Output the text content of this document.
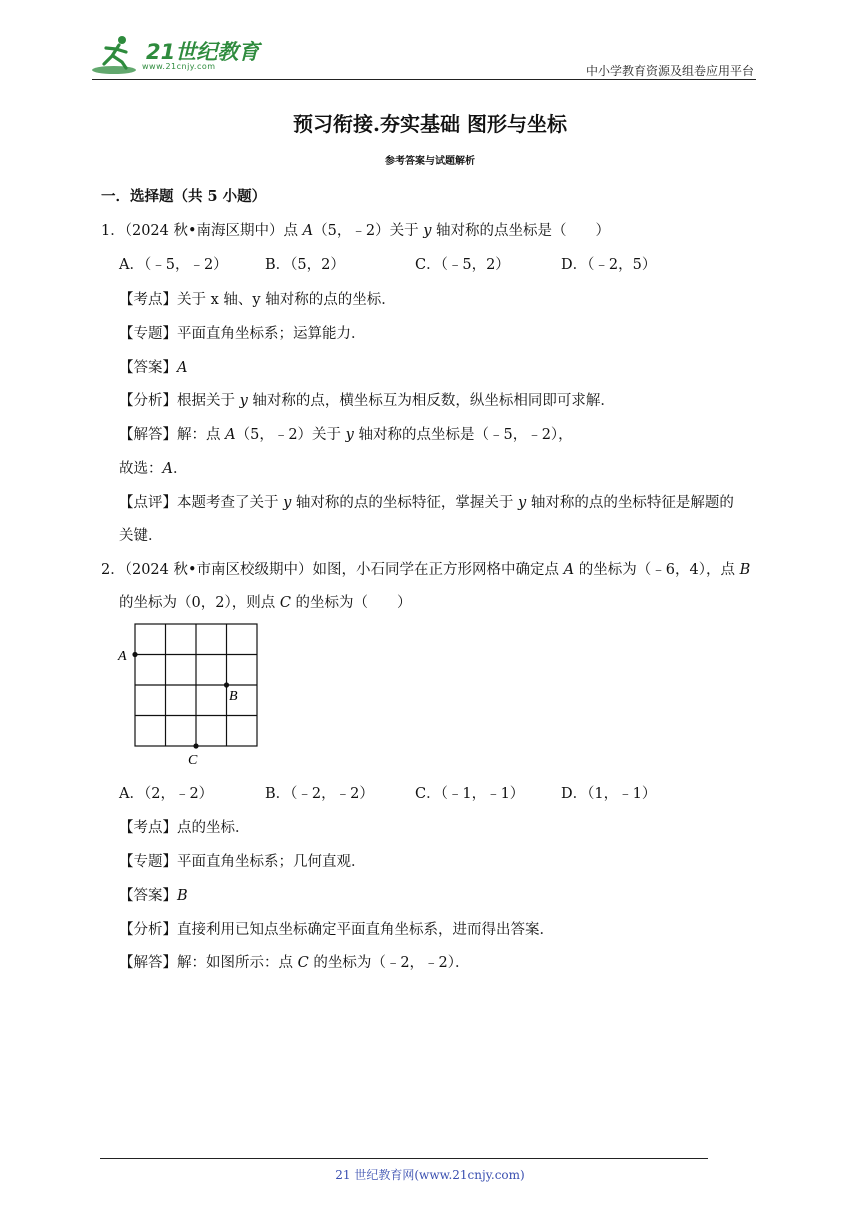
21世纪教育
www.21cnjy.com	中小学教育资源及组卷应用平台
预习衔接.夯实基础 图形与坐标
参考答案与试题解析
一．选择题（共 5 小题）
1．（2024 秋•南海区期中）点 A（5，﹣2）关于 y 轴对称的点坐标是（　　）
A．（﹣5，﹣2）	B．（5，2）	C．（﹣5，2）	D．（﹣2，5）
【考点】关于 x 轴、y 轴对称的点的坐标．
【专题】平面直角坐标系；运算能力．
【答案】A
【分析】根据关于 y 轴对称的点，横坐标互为相反数，纵坐标相同即可求解．
【解答】解：点 A（5，﹣2）关于 y 轴对称的点坐标是（﹣5，﹣2），
故选：A．
【点评】本题考查了关于 y 轴对称的点的坐标特征，掌握关于 y 轴对称的点的坐标特征是解题的
关键．
2．（2024 秋•市南区校级期中）如图，小石同学在正方形网格中确定点 A 的坐标为（﹣6，4），点 B
的坐标为（0，2），则点 C 的坐标为（　　）
A
B
C
A．（2，﹣2）	B．（﹣2，﹣2）	C．（﹣1，﹣1）	D．（1，﹣1）
【考点】点的坐标．
【专题】平面直角坐标系；几何直观．
【答案】B
【分析】直接利用已知点坐标确定平面直角坐标系，进而得出答案．
【解答】解：如图所示：点 C 的坐标为（﹣2，﹣2）．
21 世纪教育网(www.21cnjy.com)
